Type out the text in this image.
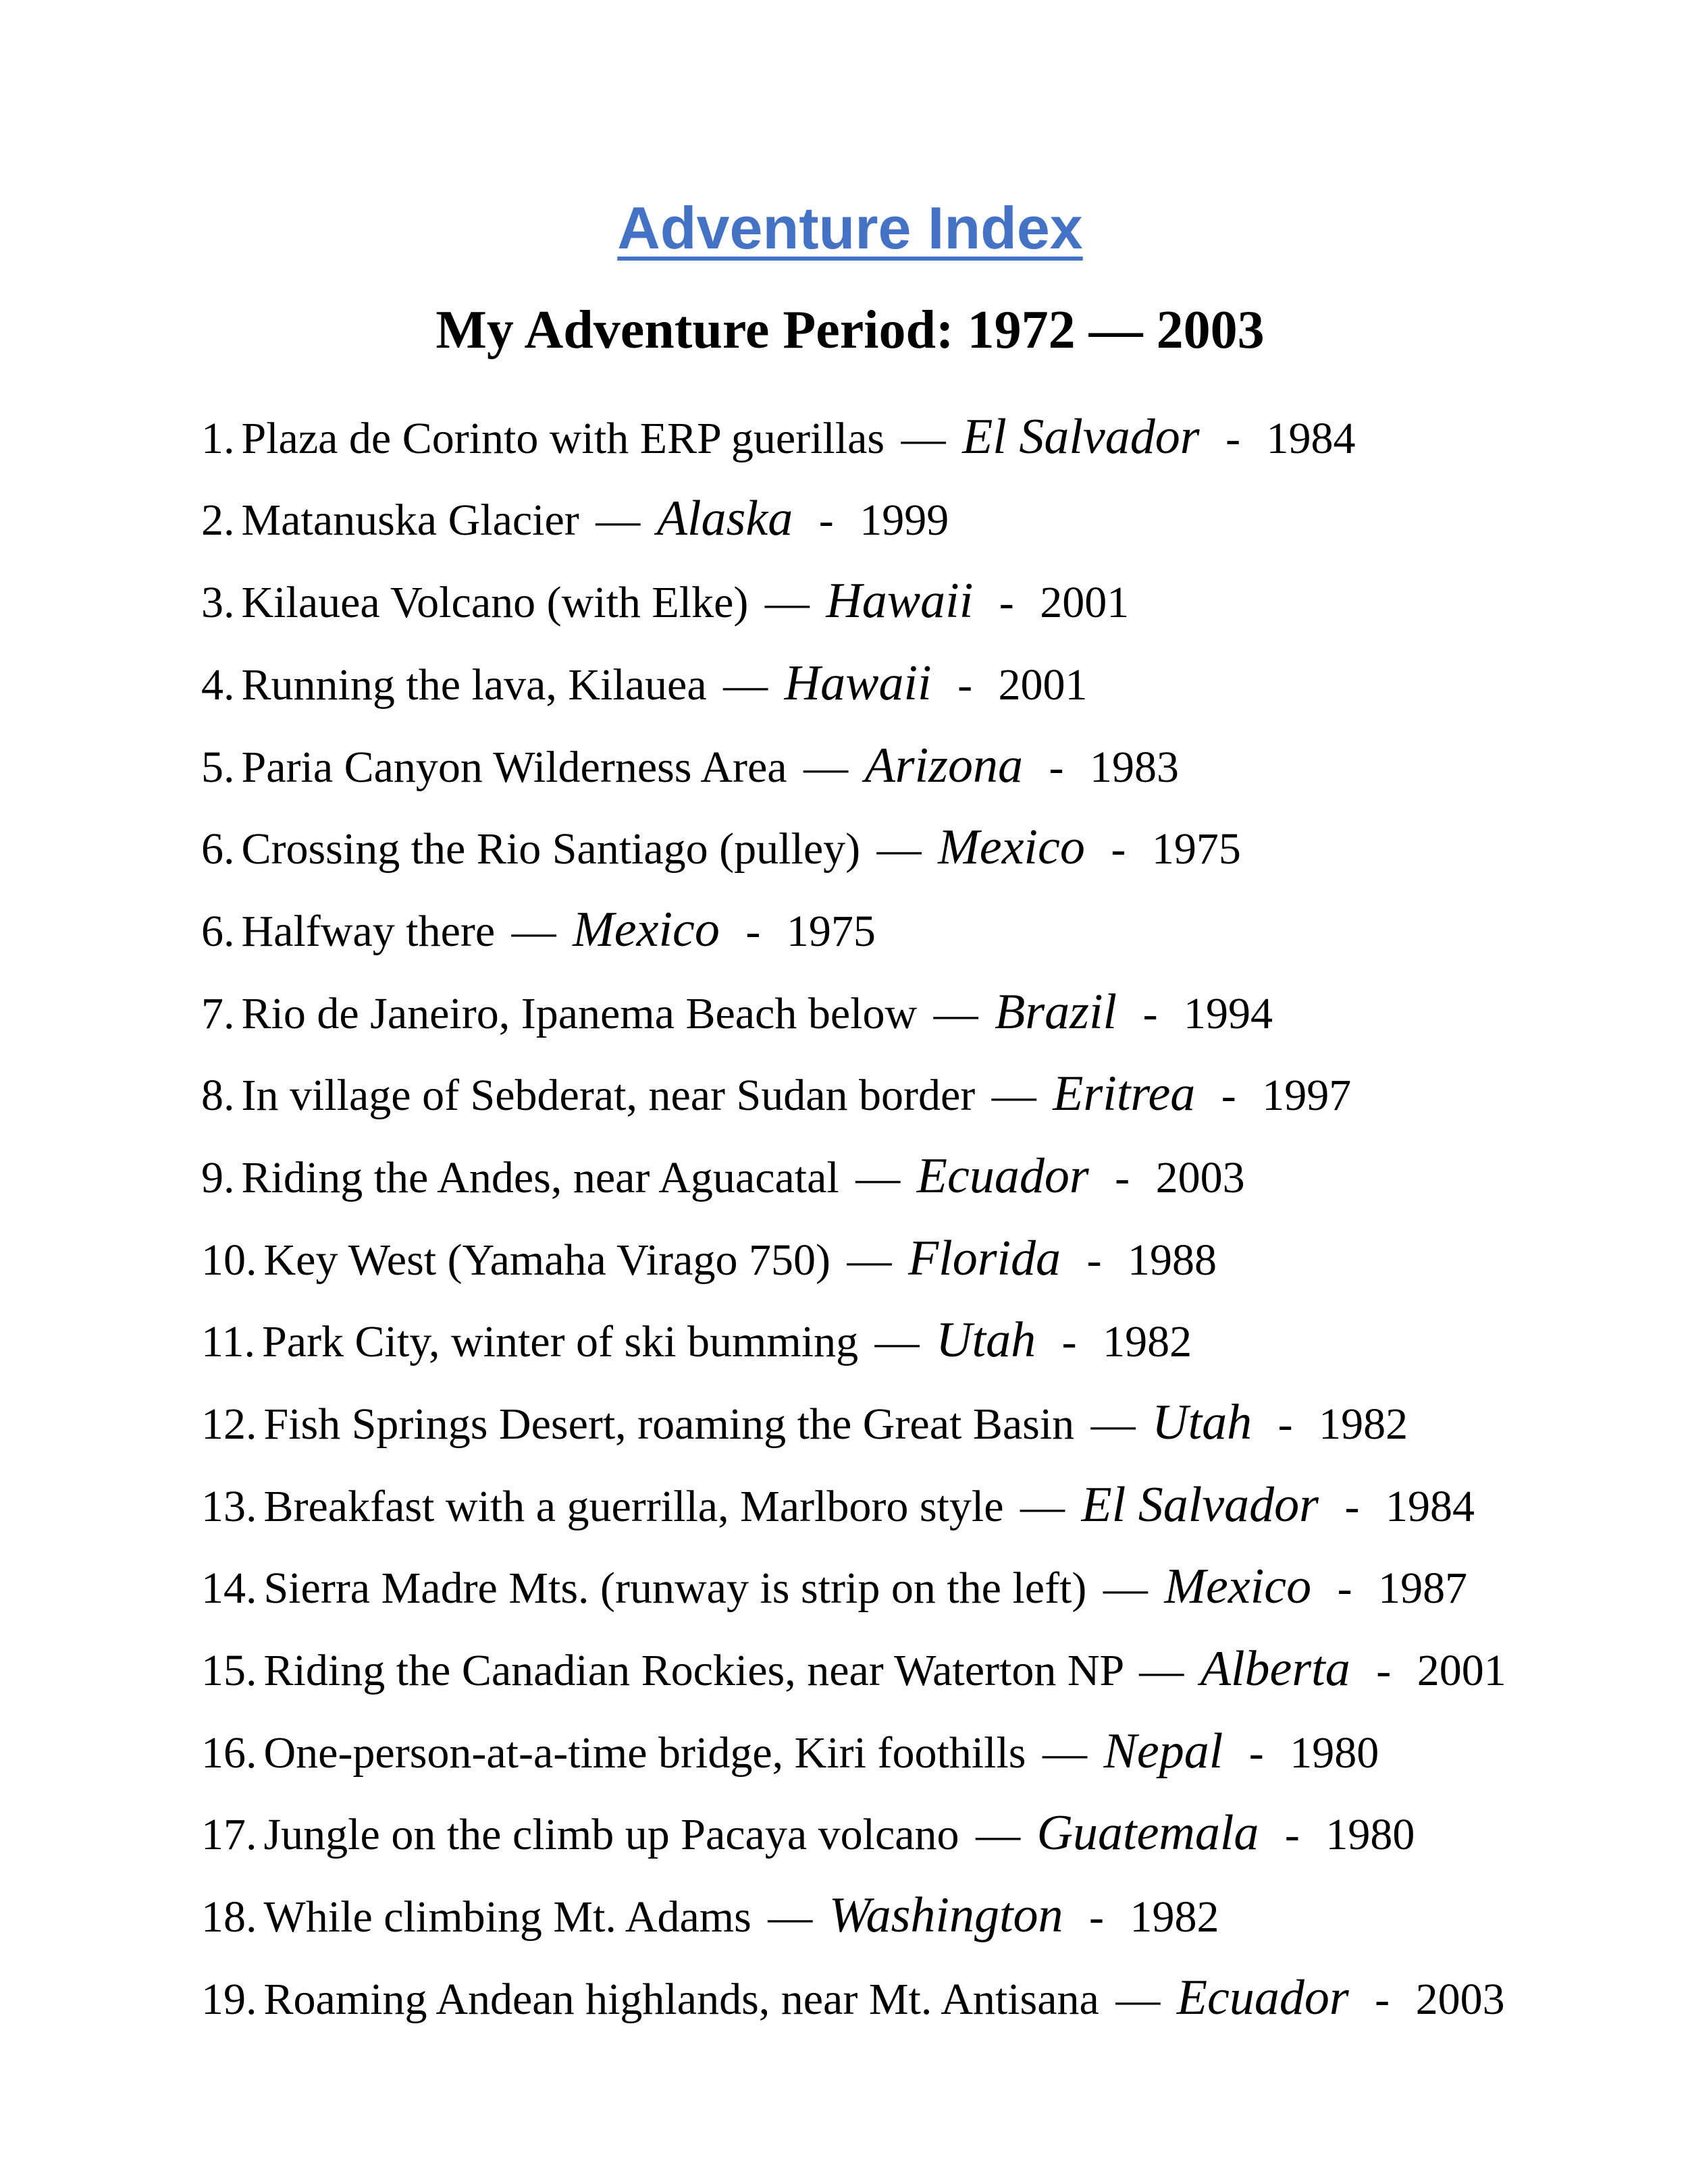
Adventure Index
My Adventure Period: 1972 — 2003

1. Plaza de Corinto with ERP guerillas — El Salvador - 1984

2. Matanuska Glacier — Alaska - 1999

3. Kilauea Volcano (with Elke) — Hawaii - 2001

4. Running the lava, Kilauea — Hawaii - 2001

5. Paria Canyon Wilderness Area — Arizona - 1983

6. Crossing the Rio Santiago (pulley) — Mexico - 1975

6. Halfway there — Mexico - 1975

7. Rio de Janeiro, Ipanema Beach below — Brazil - 1994

8. In village of Sebderat, near Sudan border — Eritrea - 1997

9. Riding the Andes, near Aguacatal — Ecuador - 2003

10. Key West (Yamaha Virago 750) — Florida - 1988

11. Park City, winter of ski bumming — Utah - 1982

12. Fish Springs Desert, roaming the Great Basin — Utah - 1982

13. Breakfast with a guerrilla, Marlboro style — El Salvador - 1984

14. Sierra Madre Mts. (runway is strip on the left) — Mexico - 1987

15. Riding the Canadian Rockies, near Waterton NP — Alberta - 2001

16. One-person-at-a-time bridge, Kiri foothills — Nepal - 1980

17. Jungle on the climb up Pacaya volcano — Guatemala - 1980

18. While climbing Mt. Adams — Washington - 1982

19. Roaming Andean highlands, near Mt. Antisana — Ecuador - 2003
